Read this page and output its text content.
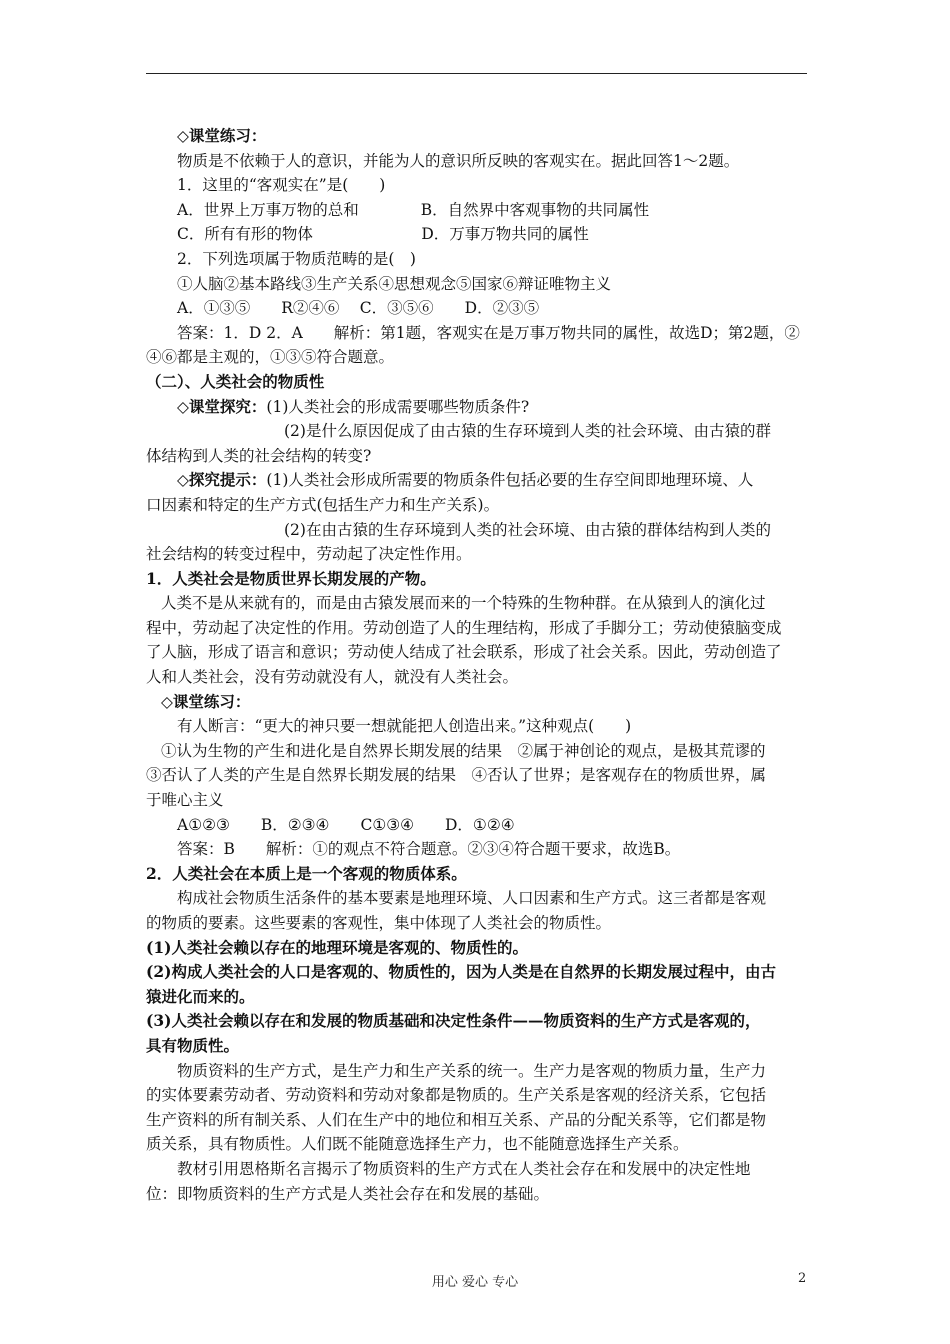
◇课堂练习：
物质是不依赖于人的意识，并能为人的意识所反映的客观实在。据此回答1～2题。
1．这里的“客观实在”是(　　)
A．世界上万事万物的总和　　　　B．自然界中客观事物的共同属性
C．所有有形的物体　　　　　　　D．万事万物共同的属性
2．下列选项属于物质范畴的是(　)
①人脑②基本路线③生产关系④思想观念⑤国家⑥辩证唯物主义
A．①③⑤　　R②④⑥　 C．③⑤⑥　　D．②③⑤
答案：1．D 2．A　　解析：第1题，客观实在是万事万物共同的属性，故选D；第2题，②
④⑥都是主观的，①③⑤符合题意。
（二）、人类社会的物质性
◇课堂探究：(1)人类社会的形成需要哪些物质条件?
(2)是什么原因促成了由古猿的生存环境到人类的社会环境、由古猿的群
体结构到人类的社会结构的转变?
◇探究提示：(1)人类社会形成所需要的物质条件包括必要的生存空间即地理环境、人
口因素和特定的生产方式(包括生产力和生产关系)。
(2)在由古猿的生存环境到人类的社会环境、由古猿的群体结构到人类的
社会结构的转变过程中，劳动起了决定性作用。
1．人类社会是物质世界长期发展的产物。
人类不是从来就有的，而是由古猿发展而来的一个特殊的生物种群。在从猿到人的演化过
程中，劳动起了决定性的作用。劳动创造了人的生理结构，形成了手脚分工；劳动使猿脑变成
了人脑，形成了语言和意识；劳动使人结成了社会联系，形成了社会关系。因此，劳动创造了
人和人类社会，没有劳动就没有人，就没有人类社会。
◇课堂练习：
有人断言：“更大的神只要一想就能把人创造出来。”这种观点(　　)
①认为生物的产生和进化是自然界长期发展的结果　②属于神创论的观点，是极其荒谬的
③否认了人类的产生是自然界长期发展的结果　④否认了世界；是客观存在的物质世界，属
于唯心主义
A①②③　　B．②③④　　C①③④　　D．①②④
答案：B　　解析：①的观点不符合题意。②③④符合题干要求，故选B。
2．人类社会在本质上是一个客观的物质体系。
构成社会物质生活条件的基本要素是地理环境、人口因素和生产方式。这三者都是客观
的物质的要素。这些要素的客观性，集中体现了人类社会的物质性。
(1)人类社会赖以存在的地理环境是客观的、物质性的。
(2)构成人类社会的人口是客观的、物质性的，因为人类是在自然界的长期发展过程中，由古
猿进化而来的。
(3)人类社会赖以存在和发展的物质基础和决定性条件——物质资料的生产方式是客观的，
具有物质性。
物质资料的生产方式，是生产力和生产关系的统一。生产力是客观的物质力量，生产力
的实体要素劳动者、劳动资料和劳动对象都是物质的。生产关系是客观的经济关系，它包括
生产资料的所有制关系、人们在生产中的地位和相互关系、产品的分配关系等，它们都是物
质关系，具有物质性。人们既不能随意选择生产力，也不能随意选择生产关系。
教材引用恩格斯名言揭示了物质资料的生产方式在人类社会存在和发展中的决定性地
位：即物质资料的生产方式是人类社会存在和发展的基础。
用心 爱心 专心	2
